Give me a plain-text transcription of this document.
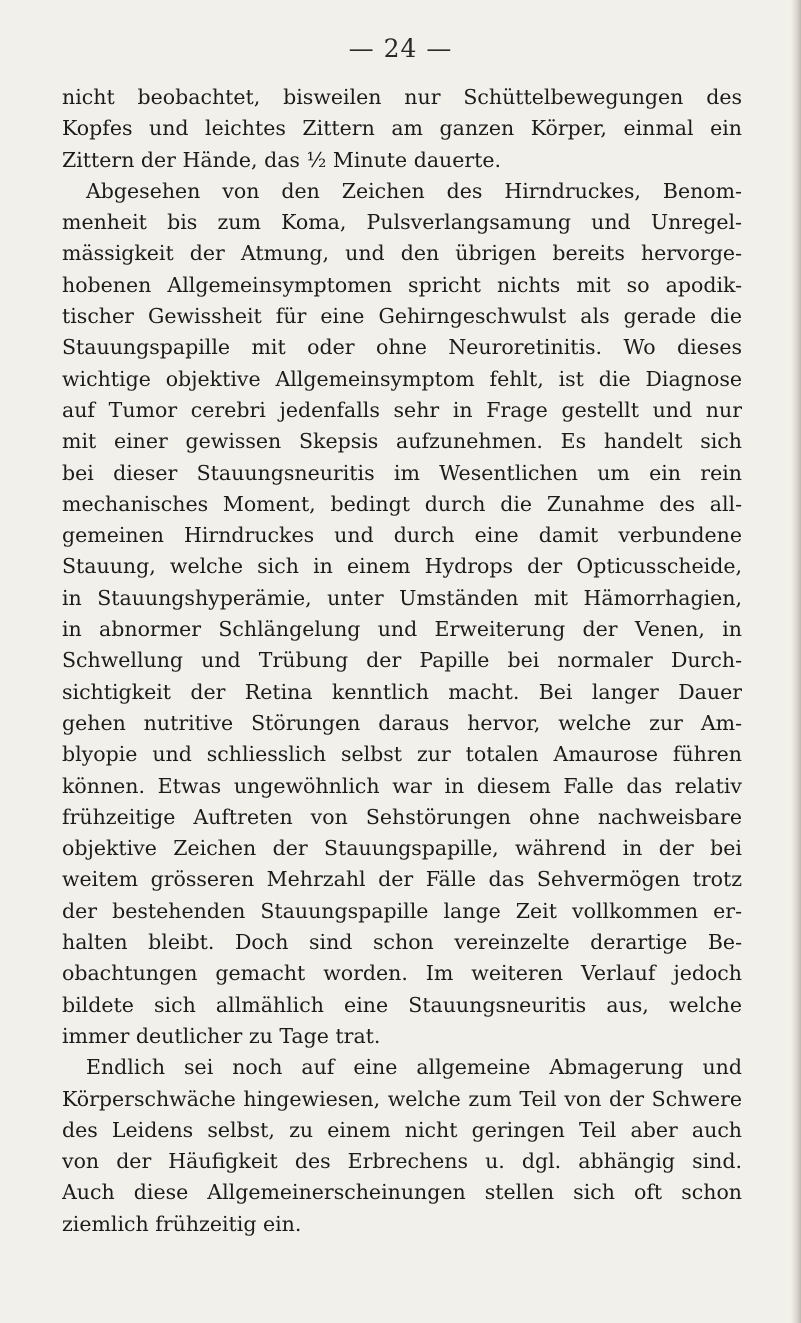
— 24 —

nicht beobachtet, bisweilen nur Schüttelbewegungen des
Kopfes und leichtes Zittern am ganzen Körper, einmal ein
Zittern der Hände, das ½ Minute dauerte.

Abgesehen von den Zeichen des Hirndruckes, Benom-
menheit bis zum Koma, Pulsverlangsamung und Unregel-
mässigkeit der Atmung, und den übrigen bereits hervorge-
hobenen Allgemeinsymptomen spricht nichts mit so apodik-
tischer Gewissheit für eine Gehirngeschwulst als gerade die
Stauungspapille mit oder ohne Neuroretinitis. Wo dieses
wichtige objektive Allgemeinsymptom fehlt, ist die Diagnose
auf Tumor cerebri jedenfalls sehr in Frage gestellt und nur
mit einer gewissen Skepsis aufzunehmen. Es handelt sich
bei dieser Stauungsneuritis im Wesentlichen um ein rein
mechanisches Moment, bedingt durch die Zunahme des all-
gemeinen Hirndruckes und durch eine damit verbundene
Stauung, welche sich in einem Hydrops der Opticusscheide,
in Stauungshyperämie, unter Umständen mit Hämorrhagien,
in abnormer Schlängelung und Erweiterung der Venen, in
Schwellung und Trübung der Papille bei normaler Durch-
sichtigkeit der Retina kenntlich macht. Bei langer Dauer
gehen nutritive Störungen daraus hervor, welche zur Am-
blyopie und schliesslich selbst zur totalen Amaurose führen
können. Etwas ungewöhnlich war in diesem Falle das relativ
frühzeitige Auftreten von Sehstörungen ohne nachweisbare
objektive Zeichen der Stauungspapille, während in der bei
weitem grösseren Mehrzahl der Fälle das Sehvermögen trotz
der bestehenden Stauungspapille lange Zeit vollkommen er-
halten bleibt. Doch sind schon vereinzelte derartige Be-
obachtungen gemacht worden. Im weiteren Verlauf jedoch
bildete sich allmählich eine Stauungsneuritis aus, welche
immer deutlicher zu Tage trat.

Endlich sei noch auf eine allgemeine Abmagerung und
Körperschwäche hingewiesen, welche zum Teil von der Schwere
des Leidens selbst, zu einem nicht geringen Teil aber auch
von der Häufigkeit des Erbrechens u. dgl. abhängig sind.
Auch diese Allgemeinerscheinungen stellen sich oft schon
ziemlich frühzeitig ein.
